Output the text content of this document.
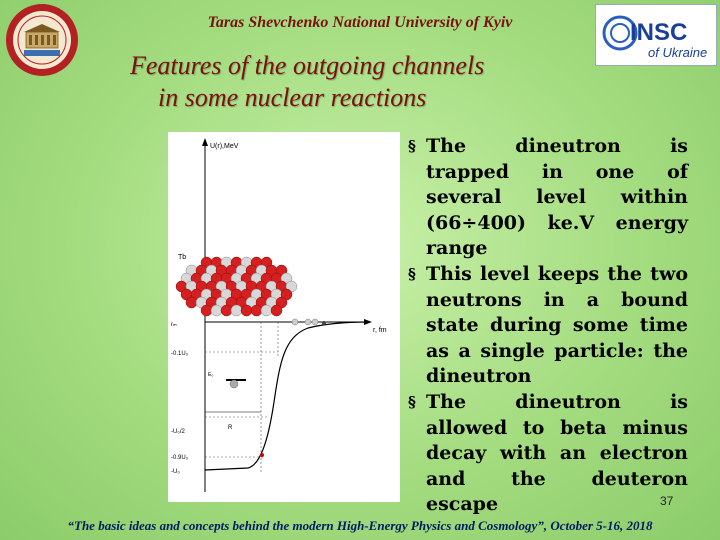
Taras Shevchenko National University of Kyiv	INSC
of Ukraine
Features of the outgoing channels
in some nuclear reactions
U(r),MeV
r, fm
Tb
rₘ
-0.1U₀
E₀
-U₀/2
R
-0.9U₀
-U₀

§ The dineutron is trapped in one of several level within (66÷400) ke.V energy range

§ This level keeps the two neutrons in a bound state during some time as a single particle: the dineutron

§ The dineutron is allowed to beta minus decay with an electron and the deuteron escape	37
“The basic ideas and concepts behind the modern High-Energy Physics and Cosmology”, October 5-16, 2018
